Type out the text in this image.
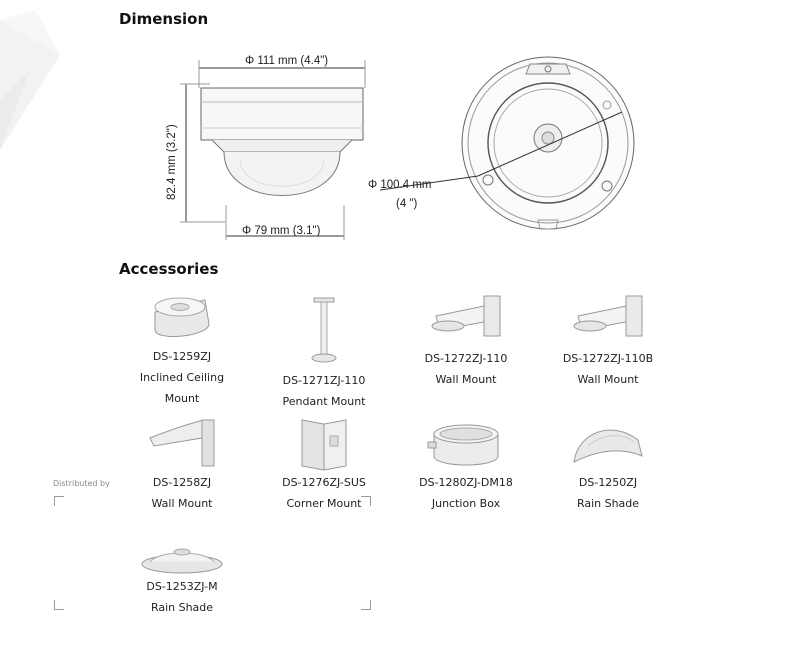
Dimension
Φ 111 mm (4.4")
Φ 79 mm (3.1")
82.4 mm (3.2")	Φ 100.4 mm
(4 ")
Accessories
DS-1259ZJ
Inclined Ceiling
Mount
DS-1271ZJ-110
Pendant Mount
DS-1272ZJ-110
Wall Mount
DS-1272ZJ-110B
Wall Mount
DS-1258ZJ
Wall Mount
DS-1276ZJ-SUS
Corner Mount
DS-1280ZJ-DM18
Junction Box
DS-1250ZJ
Rain Shade
DS-1253ZJ-M
Rain Shade
Distributed by
